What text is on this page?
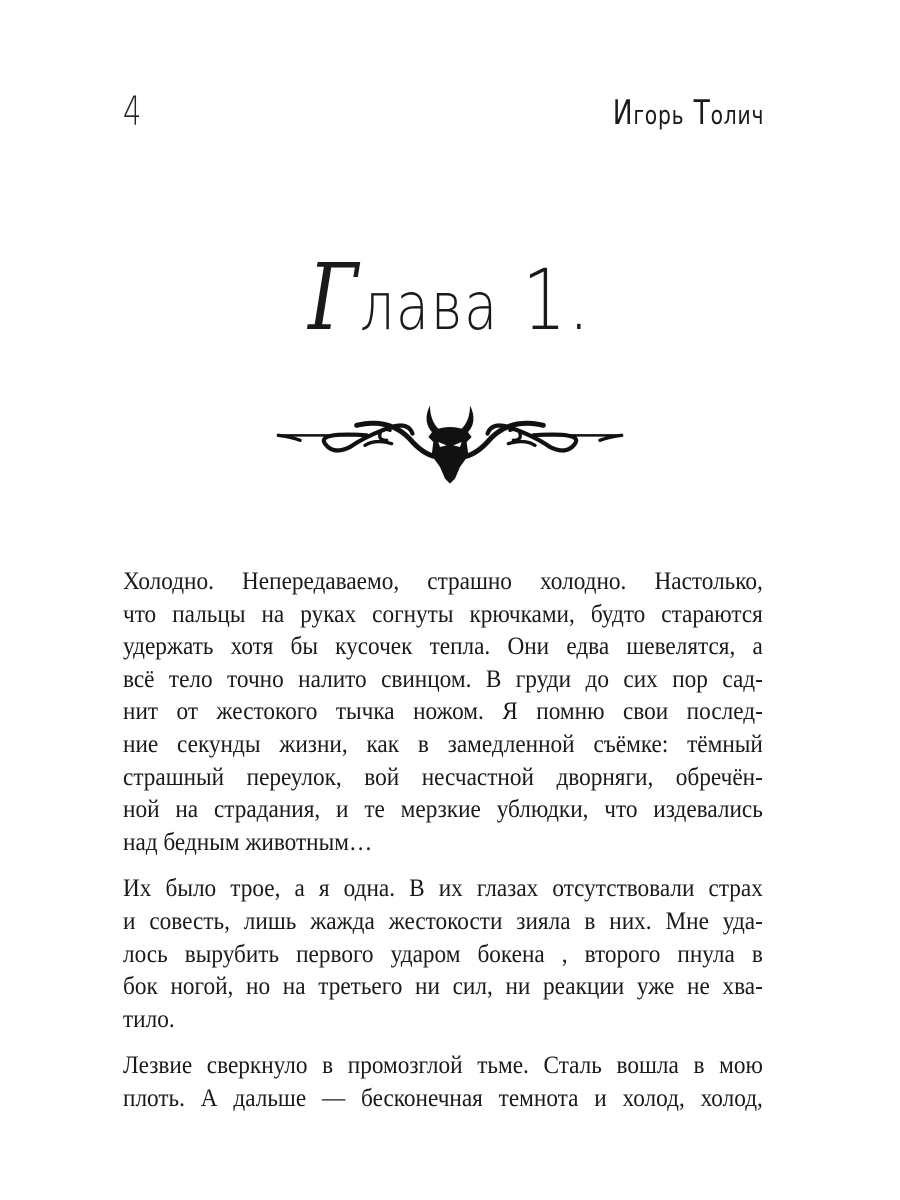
4	Игорь Толич
Глава 1.
Холодно. Непередаваемо, страшно холодно. Настолько,
что пальцы на руках согнуты крючками, будто стараются
удержать хотя бы кусочек тепла. Они едва шевелятся, а
всё тело точно налито свинцом. В груди до сих пор сад-
нит от жестокого тычка ножом. Я помню свои послед-
ние секунды жизни, как в замедленной съёмке: тёмный
страшный переулок, вой несчастной дворняги, обречён-
ной на страдания, и те мерзкие ублюдки, что издевались
над бедным животным…
Их было трое, а я одна. В их глазах отсутствовали страх
и совесть, лишь жажда жестокости зияла в них. Мне уда-
лось вырубить первого ударом бокена , второго пнула в
бок ногой, но на третьего ни сил, ни реакции уже не хва-
тило.
Лезвие сверкнуло в промозглой тьме. Сталь вошла в мою
плоть. А дальше — бесконечная темнота и холод, холод,
